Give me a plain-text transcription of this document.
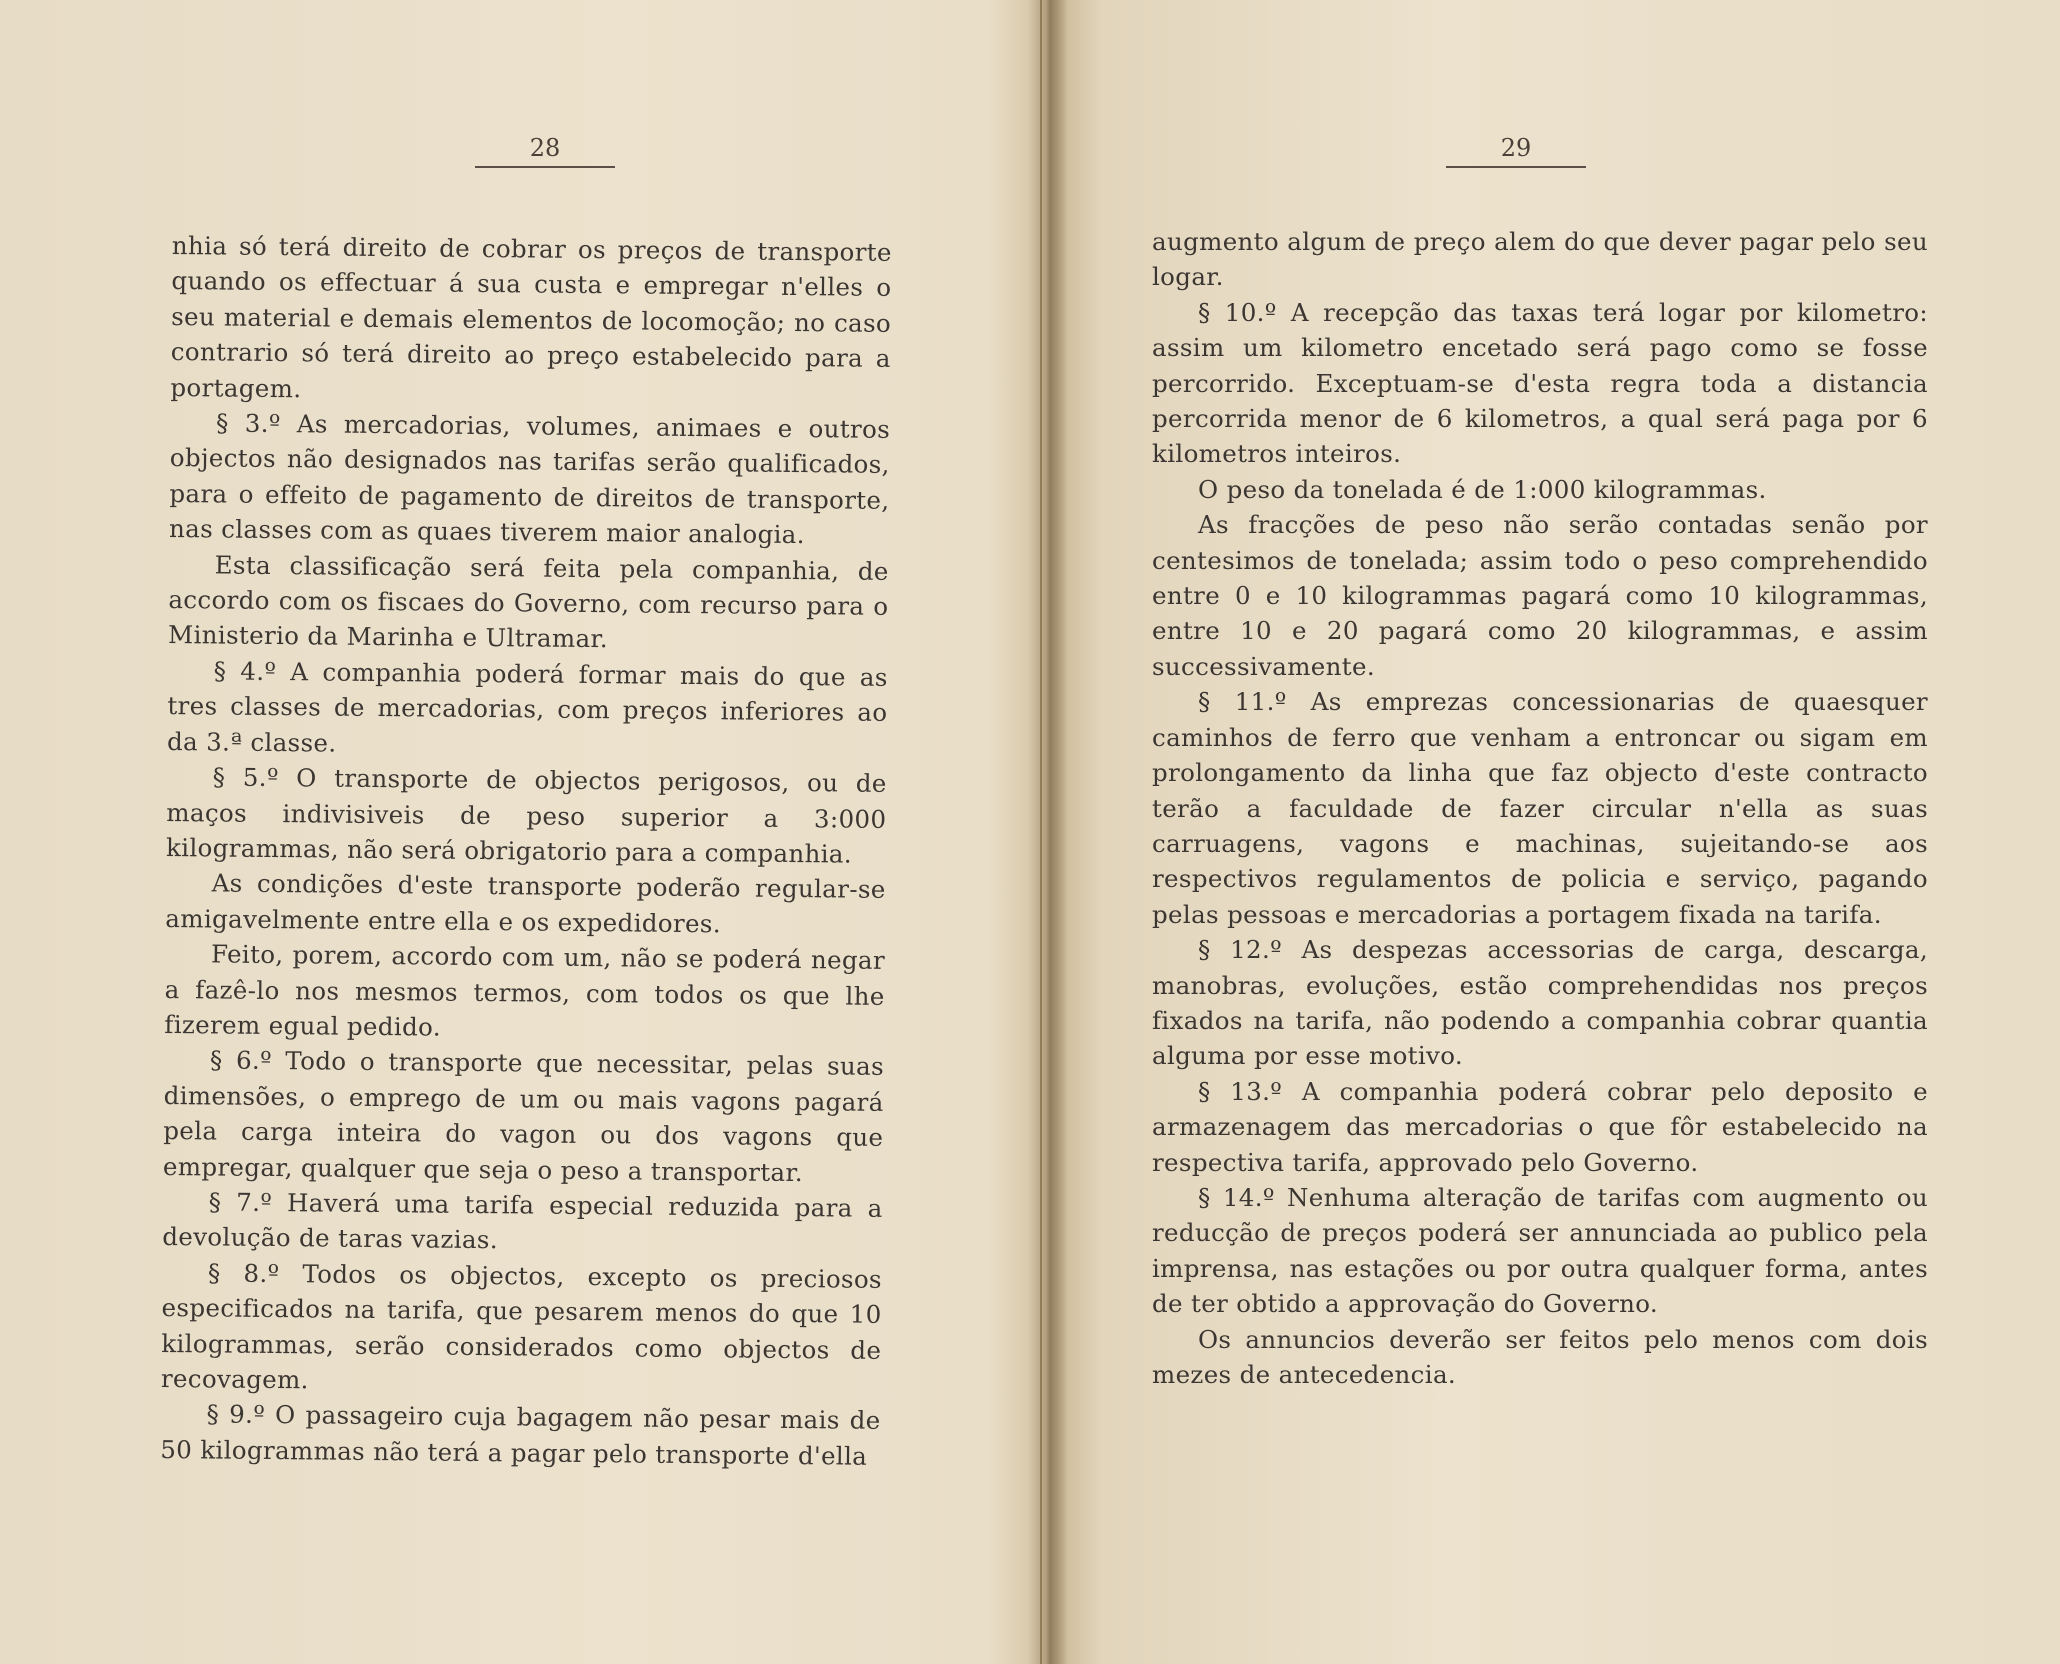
28

nhia só terá direito de cobrar os preços de transporte quando os effectuar á sua custa e empregar n'elles o seu material e demais elementos de locomoção; no caso contrario só terá direito ao preço estabelecido para a portagem.

§ 3.º As mercadorias, volumes, animaes e outros objectos não designados nas tarifas serão qualificados, para o effeito de pagamento de direitos de transporte, nas classes com as quaes tiverem maior analogia.

Esta classificação será feita pela companhia, de accordo com os fiscaes do Governo, com recurso para o Ministerio da Marinha e Ultramar.

§ 4.º A companhia poderá formar mais do que as tres classes de mercadorias, com preços inferiores ao da 3.ª classe.

§ 5.º O transporte de objectos perigosos, ou de maços indivisiveis de peso superior a 3:000 kilogrammas, não será obrigatorio para a companhia.

As condições d'este transporte poderão regular-se amigavelmente entre ella e os expedidores.

Feito, porem, accordo com um, não se poderá negar a fazê-lo nos mesmos termos, com todos os que lhe fizerem egual pedido.

§ 6.º Todo o transporte que necessitar, pelas suas dimensões, o emprego de um ou mais vagons pagará pela carga inteira do vagon ou dos vagons que empregar, qualquer que seja o peso a transportar.

§ 7.º Haverá uma tarifa especial reduzida para a devolução de taras vazias.

§ 8.º Todos os objectos, excepto os preciosos especificados na tarifa, que pesarem menos do que 10 kilogrammas, serão considerados como objectos de recovagem.

§ 9.º O passageiro cuja bagagem não pesar mais de 50 kilogrammas não terá a pagar pelo transporte d'ella

29

augmento algum de preço alem do que dever pagar pelo seu logar.

§ 10.º A recepção das taxas terá logar por kilometro: assim um kilometro encetado será pago como se fosse percorrido. Exceptuam-se d'esta regra toda a distancia percorrida menor de 6 kilometros, a qual será paga por 6 kilometros inteiros.

O peso da tonelada é de 1:000 kilogrammas.

As fracções de peso não serão contadas senão por centesimos de tonelada; assim todo o peso comprehendido entre 0 e 10 kilogrammas pagará como 10 kilogrammas, entre 10 e 20 pagará como 20 kilogrammas, e assim successivamente.

§ 11.º As emprezas concessionarias de quaesquer caminhos de ferro que venham a entroncar ou sigam em prolongamento da linha que faz objecto d'este contracto terão a faculdade de fazer circular n'ella as suas carruagens, vagons e machinas, sujeitando-se aos respectivos regulamentos de policia e serviço, pagando pelas pessoas e mercadorias a portagem fixada na tarifa.

§ 12.º As despezas accessorias de carga, descarga, manobras, evoluções, estão comprehendidas nos preços fixados na tarifa, não podendo a companhia cobrar quantia alguma por esse motivo.

§ 13.º A companhia poderá cobrar pelo deposito e armazenagem das mercadorias o que fôr estabelecido na respectiva tarifa, approvado pelo Governo.

§ 14.º Nenhuma alteração de tarifas com augmento ou reducção de preços poderá ser annunciada ao publico pela imprensa, nas estações ou por outra qualquer forma, antes de ter obtido a approvação do Governo.

Os annuncios deverão ser feitos pelo menos com dois mezes de antecedencia.
